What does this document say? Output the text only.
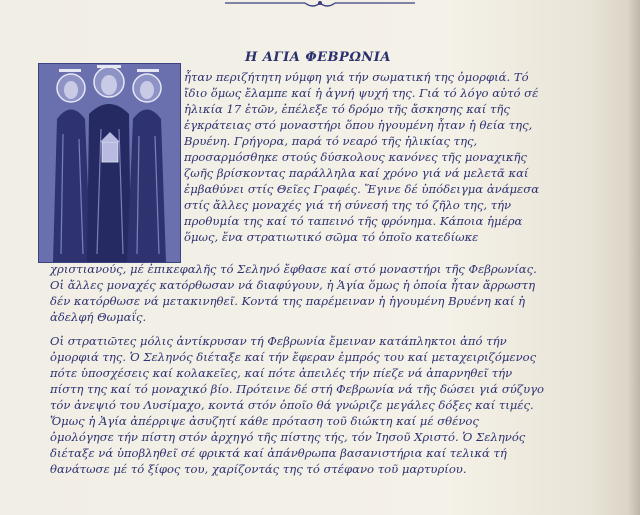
Η ΑΓΙΑ ΦΕΒΡΩΝΙΑ
ἦταν περιζήτητη νύμφη γιά τήν σωματική της ὀμορφιά. Τό
ἴδιο ὅμως ἔλαμπε καί ἡ ἁγνή ψυχή της. Γιά τό λόγο αὐτό σέ
ἡλικία 17 ἐτῶν, ἐπέλεξε τό δρόμο τῆς ἄσκησης καί τῆς
ἐγκράτειας στό μοναστήρι ὅπου ἡγουμένη ἦταν ἡ θεία της,
Βρυένη. Γρήγορα, παρά τό νεαρό τῆς ἡλικίας της,
προσαρμόσθηκε στούς δύσκολους κανόνες τῆς μοναχικῆς
ζωῆς βρίσκοντας παράλληλα καί χρόνο γιά νά μελετᾶ καί
ἐμβαθύνει στίς Θεῖες Γραφές. Ἔγινε δέ ὑπόδειγμα ἀνάμεσα
στίς ἄλλες μοναχές γιά τή σύνεσή της τό ζῆλο της, τήν
προθυμία της καί τό ταπεινό τῆς φρόνημα. Κάποια ἡμέρα
ὅμως, ἕνα στρατιωτικό σῶμα τό ὁποῖο κατεδίωκε
χριστιανούς, μέ ἐπικεφαλῆς τό Σεληνό ἔφθασε καί στό μοναστήρι τῆς Φεβρωνίας.
Οἱ ἄλλες μοναχές κατόρθωσαν νά διαφύγουν, ἡ Ἁγία ὅμως ἡ ὁποία ἦταν ἄρρωστη
δέν κατόρθωσε νά μετακινηθεῖ. Κοντά της παρέμειναν ἡ ἡγουμένη Βρυένη καί ἡ
ἀδελφή Θωμαΐς.
Οἱ στρατιῶτες μόλις ἀντίκρυσαν τή Φεβρωνία ἔμειναν κατάπληκτοι ἀπό τήν
ὀμορφιά της. Ὁ Σεληνός διέταξε καί τήν ἔφεραν ἐμπρός του καί μεταχειριζόμενος
πότε ὑποσχέσεις καί κολακεῖες, καί πότε ἀπειλές τήν πίεζε νά ἀπαρνηθεῖ τήν
πίστη της καί τό μοναχικό βίο. Πρότεινε δέ στή Φεβρωνία νά τῆς δώσει γιά σύζυγο
τόν ἀνεψιό του Λυσίμαχο, κοντά στόν ὁποῖο θά γνώριζε μεγάλες δόξες καί τιμές.
Ὅμως ἡ Ἁγία ἀπέρριψε ἀσυζητί κάθε πρόταση τοῦ διώκτη καί μέ σθένος
ὁμολόγησε τήν πίστη στόν ἀρχηγό τῆς πίστης τής, τόν Ἰησοῦ Χριστό. Ὁ Σεληνός
διέταξε νά ὑποβληθεῖ σέ φρικτά καί ἀπάνθρωπα βασανιστήρια καί τελικά τή
θανάτωσε μέ τό ξίφος του, χαρίζοντάς της τό στέφανο τοῦ μαρτυρίου.
